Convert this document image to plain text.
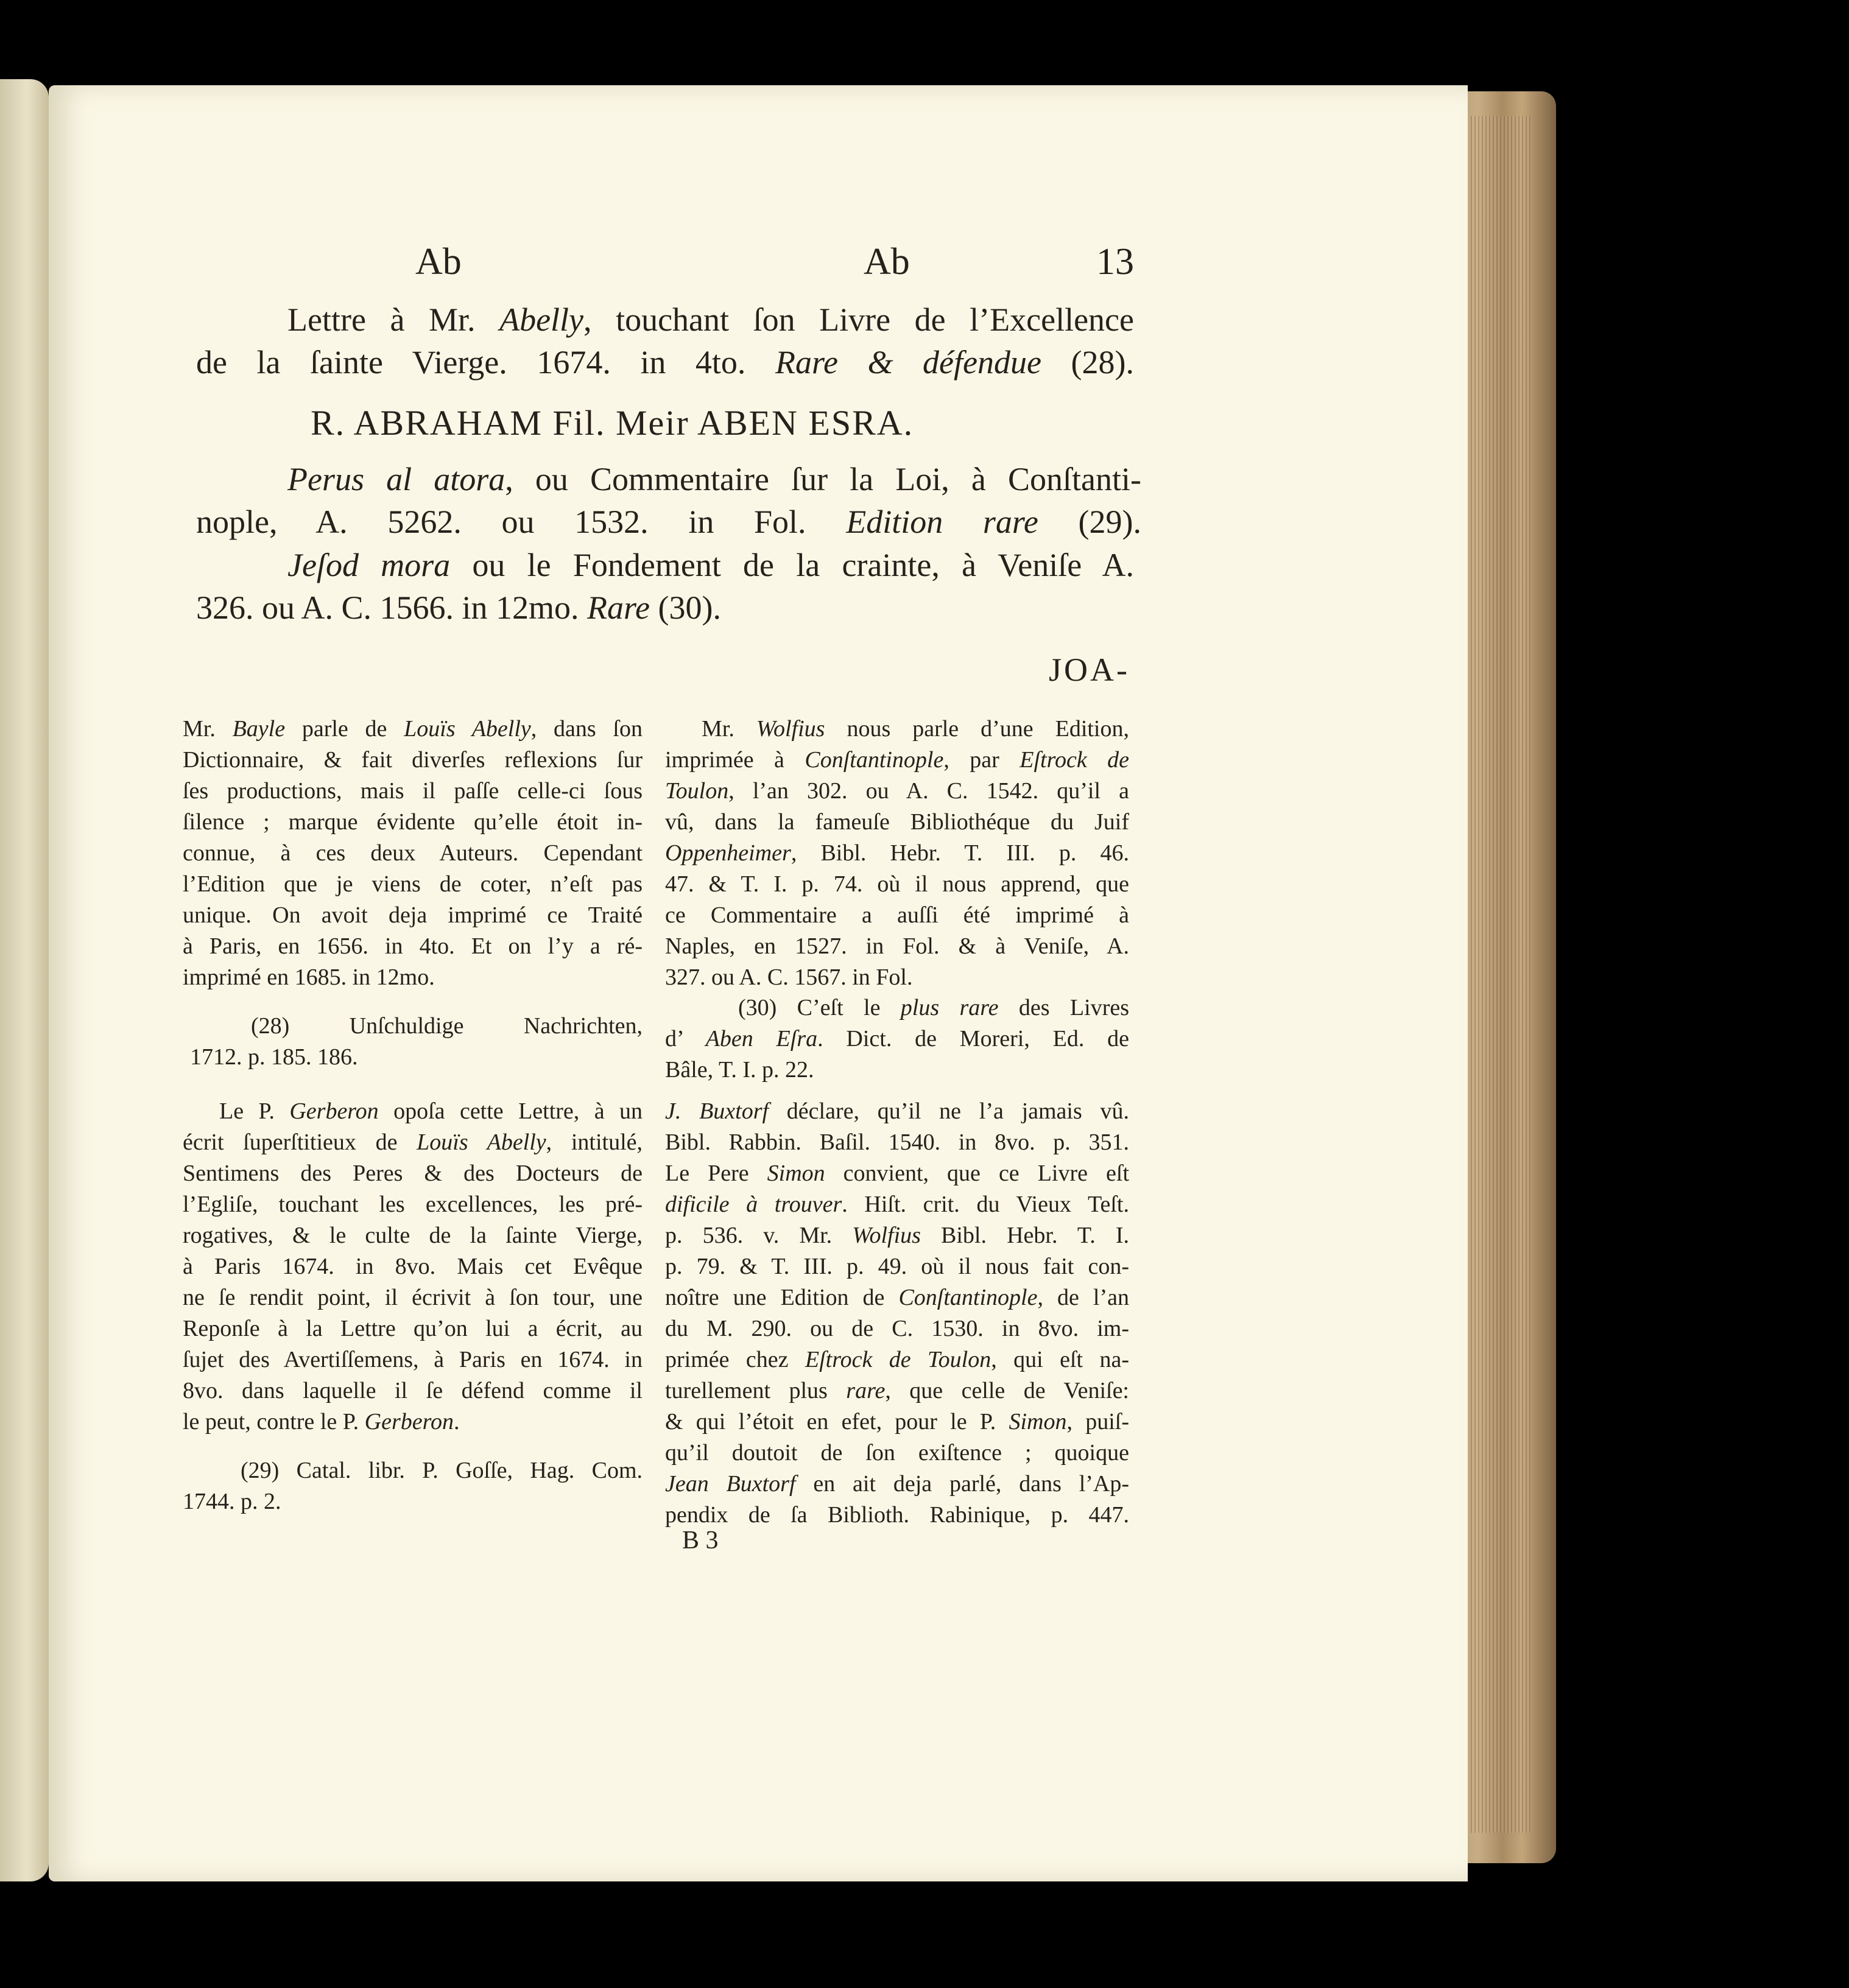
Ab	Ab	13
Lettre à Mr. Abelly, touchant ſon Livre de l’Excellence
de la ſainte Vierge. 1674. in 4to. Rare & défendue (28).
R. ABRAHAM Fil. Meir ABEN ESRA.
Perus al atora, ou Commentaire ſur la Loi, à Conſtanti-
nople, A. 5262. ou 1532. in Fol. Edition rare (29).
Jeſod mora ou le Fondement de la crainte, à Veniſe A.
326. ou A. C. 1566. in 12mo. Rare (30).
JOA-
Mr. Bayle parle de Louïs Abelly, dans ſon
Dictionnaire, & fait diverſes reflexions ſur
ſes productions, mais il paſſe celle-ci ſous
ſilence ; marque évidente qu’elle étoit in-
connue, à ces deux Auteurs. Cependant
l’Edition que je viens de coter, n’eſt pas
unique. On avoit deja imprimé ce Traité
à Paris, en 1656. in 4to. Et on l’y a ré-
imprimé en 1685. in 12mo.
(28) Unſchuldige Nachrichten,
1712. p. 185. 186.
Le P. Gerberon opoſa cette Lettre, à un
écrit ſuperſtitieux de Louïs Abelly, intitulé,
Sentimens des Peres & des Docteurs de
l’Egliſe, touchant les excellences, les pré-
rogatives, & le culte de la ſainte Vierge,
à Paris 1674. in 8vo. Mais cet Evêque
ne ſe rendit point, il écrivit à ſon tour, une
Reponſe à la Lettre qu’on lui a écrit, au
ſujet des Avertiſſemens, à Paris en 1674. in
8vo. dans laquelle il ſe défend comme il
le peut, contre le P. Gerberon.
(29) Catal. libr. P. Goſſe, Hag. Com.
1744. p. 2.
Mr. Wolfius nous parle d’une Edition,
imprimée à Conſtantinople, par Eſtrock de
Toulon, l’an 302. ou A. C. 1542. qu’il a
vû, dans la fameuſe Bibliothéque du Juif
Oppenheimer, Bibl. Hebr. T. III. p. 46.
47. & T. I. p. 74. où il nous apprend, que
ce Commentaire a auſſi été imprimé à
Naples, en 1527. in Fol. & à Veniſe, A.
327. ou A. C. 1567. in Fol.
(30) C’eſt le plus rare des Livres
d’ Aben Eſra. Dict. de Moreri, Ed. de
Bâle, T. I. p. 22.
J. Buxtorf déclare, qu’il ne l’a jamais vû.
Bibl. Rabbin. Baſil. 1540. in 8vo. p. 351.
Le Pere Simon convient, que ce Livre eſt
dificile à trouver. Hiſt. crit. du Vieux Teſt.
p. 536. v. Mr. Wolfius Bibl. Hebr. T. I.
p. 79. & T. III. p. 49. où il nous fait con-
noître une Edition de Conſtantinople, de l’an
du M. 290. ou de C. 1530. in 8vo. im-
primée chez Eſtrock de Toulon, qui eſt na-
turellement plus rare, que celle de Veniſe:
& qui l’étoit en efet, pour le P. Simon, puiſ-
qu’il doutoit de ſon exiſtence ; quoique
Jean Buxtorf en ait deja parlé, dans l’Ap-
pendix de ſa Biblioth. Rabinique, p. 447.
B 3
